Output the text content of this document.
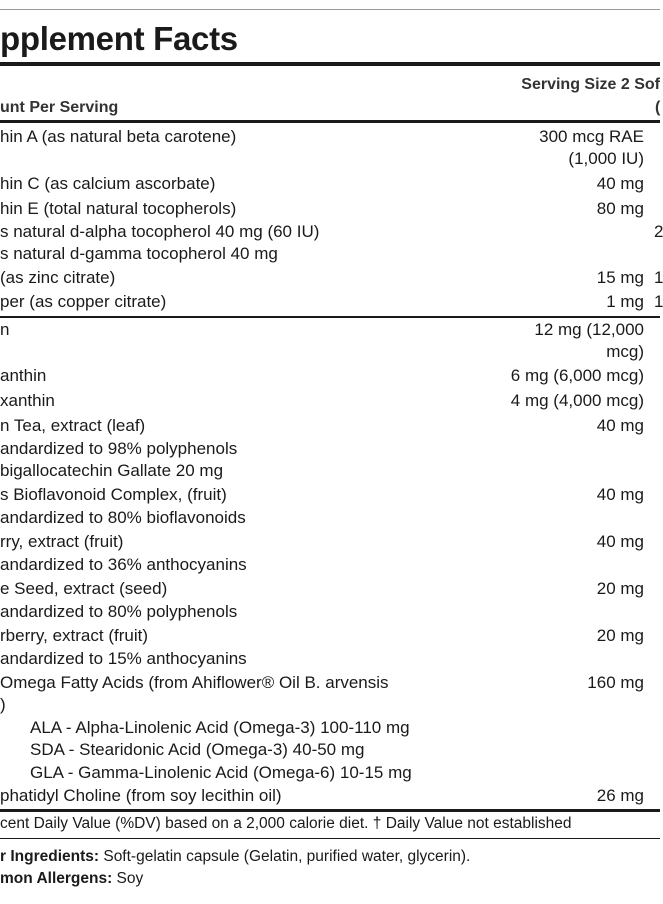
pplement Facts
Serving Size 2 Sof
unt Per Serving	(
hin A (as natural beta carotene)	300 mcg RAE
(1,000 IU)
hin C (as calcium ascorbate)	40 mg
hin E (total natural tocopherols)	80 mg
s natural d-alpha tocopherol 40 mg (60 IU)	2
s natural d-gamma tocopherol 40 mg
(as zinc citrate)	15 mg 1
per (as copper citrate)	1 mg 1
n	12 mg (12,000
mcg)
anthin	6 mg (6,000 mcg)
xanthin	4 mg (4,000 mcg)
n Tea, extract (leaf)	40 mg
andardized to 98% polyphenols
bigallocatechin Gallate 20 mg
s Bioflavonoid Complex, (fruit)	40 mg
andardized to 80% bioflavonoids
rry, extract (fruit)	40 mg
andardized to 36% anthocyanins
e Seed, extract (seed)	20 mg
andardized to 80% polyphenols
rberry, extract (fruit)	20 mg
andardized to 15% anthocyanins
Omega Fatty Acids (from Ahiflower® Oil B. arvensis	160 mg
)
ALA - Alpha-Linolenic Acid (Omega-3) 100-110 mg
SDA - Stearidonic Acid (Omega-3) 40-50 mg
GLA - Gamma-Linolenic Acid (Omega-6) 10-15 mg
phatidyl Choline (from soy lecithin oil)	26 mg
cent Daily Value (%DV) based on a 2,000 calorie diet. † Daily Value not established
r Ingredients: Soft-gelatin capsule (Gelatin, purified water, glycerin).
mon Allergens: Soy
